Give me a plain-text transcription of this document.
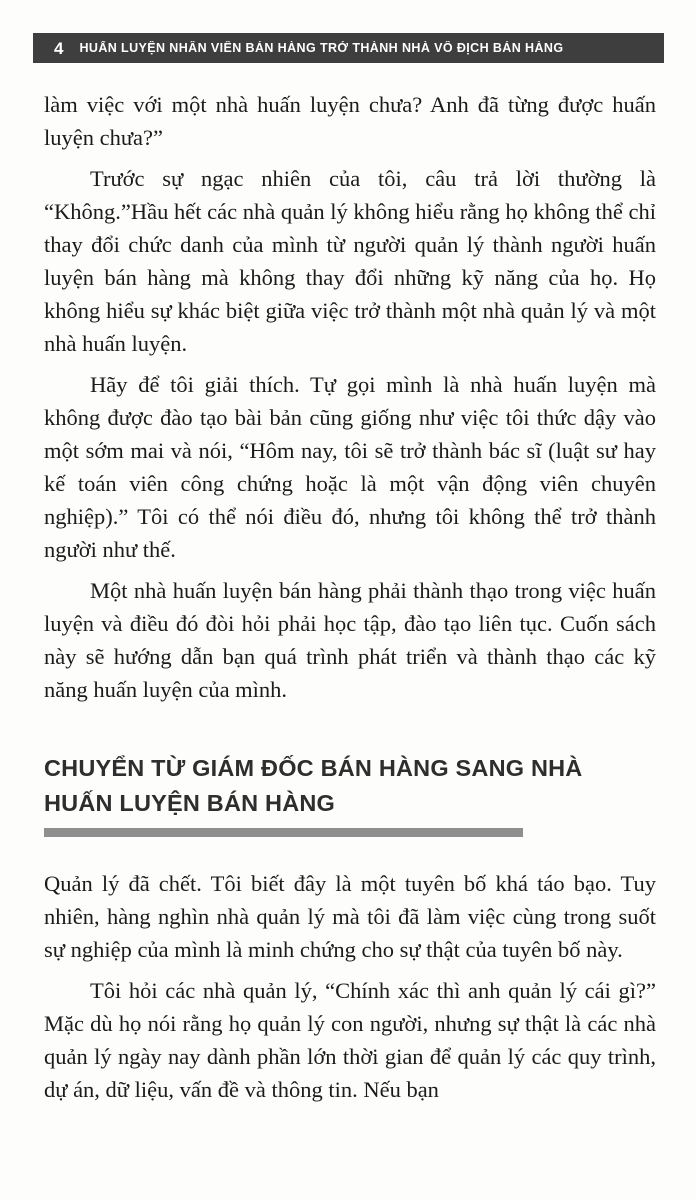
4 HUẤN LUYỆN NHÂN VIÊN BÁN HÀNG TRỞ THÀNH NHÀ VÔ ĐỊCH BÁN HÀNG

làm việc với một nhà huấn luyện chưa? Anh đã từng được huấn luyện chưa?”

Trước sự ngạc nhiên của tôi, câu trả lời thường là “Không.”Hầu hết các nhà quản lý không hiểu rằng họ không thể chỉ thay đổi chức danh của mình từ người quản lý thành người huấn luyện bán hàng mà không thay đổi những kỹ năng của họ. Họ không hiểu sự khác biệt giữa việc trở thành một nhà quản lý và một nhà huấn luyện.

Hãy để tôi giải thích. Tự gọi mình là nhà huấn luyện mà không được đào tạo bài bản cũng giống như việc tôi thức dậy vào một sớm mai và nói, “Hôm nay, tôi sẽ trở thành bác sĩ (luật sư hay kế toán viên công chứng hoặc là một vận động viên chuyên nghiệp).” Tôi có thể nói điều đó, nhưng tôi không thể trở thành người như thế.

Một nhà huấn luyện bán hàng phải thành thạo trong việc huấn luyện và điều đó đòi hỏi phải học tập, đào tạo liên tục. Cuốn sách này sẽ hướng dẫn bạn quá trình phát triển và thành thạo các kỹ năng huấn luyện của mình.

CHUYỂN TỪ GIÁM ĐỐC BÁN HÀNG SANG NHÀ HUẤN LUYỆN BÁN HÀNG

Quản lý đã chết. Tôi biết đây là một tuyên bố khá táo bạo. Tuy nhiên, hàng nghìn nhà quản lý mà tôi đã làm việc cùng trong suốt sự nghiệp của mình là minh chứng cho sự thật của tuyên bố này.

Tôi hỏi các nhà quản lý, “Chính xác thì anh quản lý cái gì?” Mặc dù họ nói rằng họ quản lý con người, nhưng sự thật là các nhà quản lý ngày nay dành phần lớn thời gian để quản lý các quy trình, dự án, dữ liệu, vấn đề và thông tin. Nếu bạn
